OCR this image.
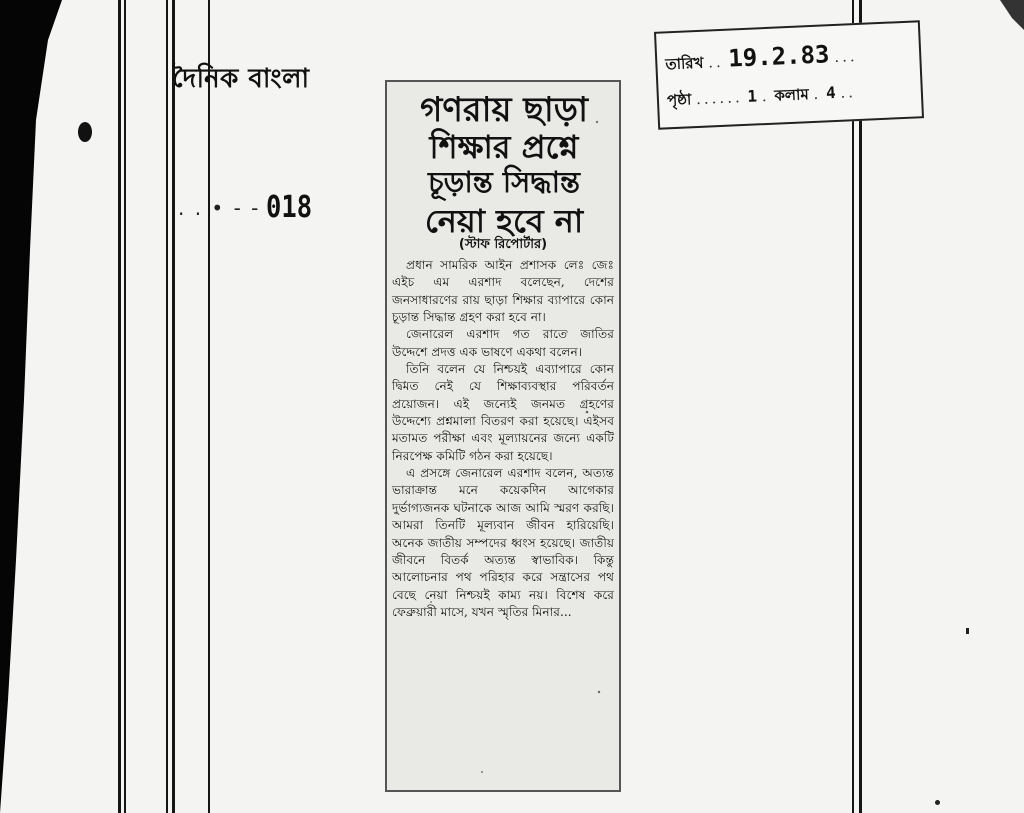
দৈনিক বাংলা
. . • - - 018
তারিখ .. 19.2.83 ...
পৃষ্ঠা ...... 1 . কলাম . 4 ..
গণরায় ছাড়া
শিক্ষার প্রশ্নে
চূড়ান্ত সিদ্ধান্ত
নেয়া হবে না
(স্টাফ রিপোর্টার)

প্রধান সামরিক আইন প্রশাসক লেঃ জেঃ এইচ এম এরশাদ বলেছেন, দেশের জনসাধারণের রায় ছাড়া শিক্ষার ব্যাপারে কোন চূড়ান্ত সিদ্ধান্ত গ্রহণ করা হবে না।

জেনারেল এরশাদ গত রাতে জাতির উদ্দেশে প্রদত্ত এক ভাষণে একথা বলেন।

তিনি বলেন যে নিশ্চয়ই এব্যাপারে কোন দ্বিমত নেই যে শিক্ষাব্যবস্থার পরিবর্তন প্রয়োজন। এই জন্যেই জনমত গ্রহণের উদ্দেশ্যে প্রশ্নমালা বিতরণ করা হয়েছে। এইসব মতামত পরীক্ষা এবং মূল্যায়নের জন্যে একটি নিরপেক্ষ কমিটি গঠন করা হয়েছে।

এ প্রসঙ্গে জেনারেল এরশাদ বলেন, অত্যন্ত ভারাক্রান্ত মনে কয়েকদিন আগেকার দুর্ভাগ্যজনক ঘটনাকে আজ আমি স্মরণ করছি। আমরা তিনটি মূল্যবান জীবন হারিয়েছি। অনেক জাতীয় সম্পদের ধ্বংস হয়েছে। জাতীয় জীবনে বিতর্ক অত্যন্ত স্বাভাবিক। কিন্তু আলোচনার পথ পরিহার করে সন্ত্রাসের পথ বেছে নেয়া নিশ্চয়ই কাম্য নয়। বিশেষ করে ফেব্রুয়ারী মাসে, যখন স্মৃতির মিনার...
